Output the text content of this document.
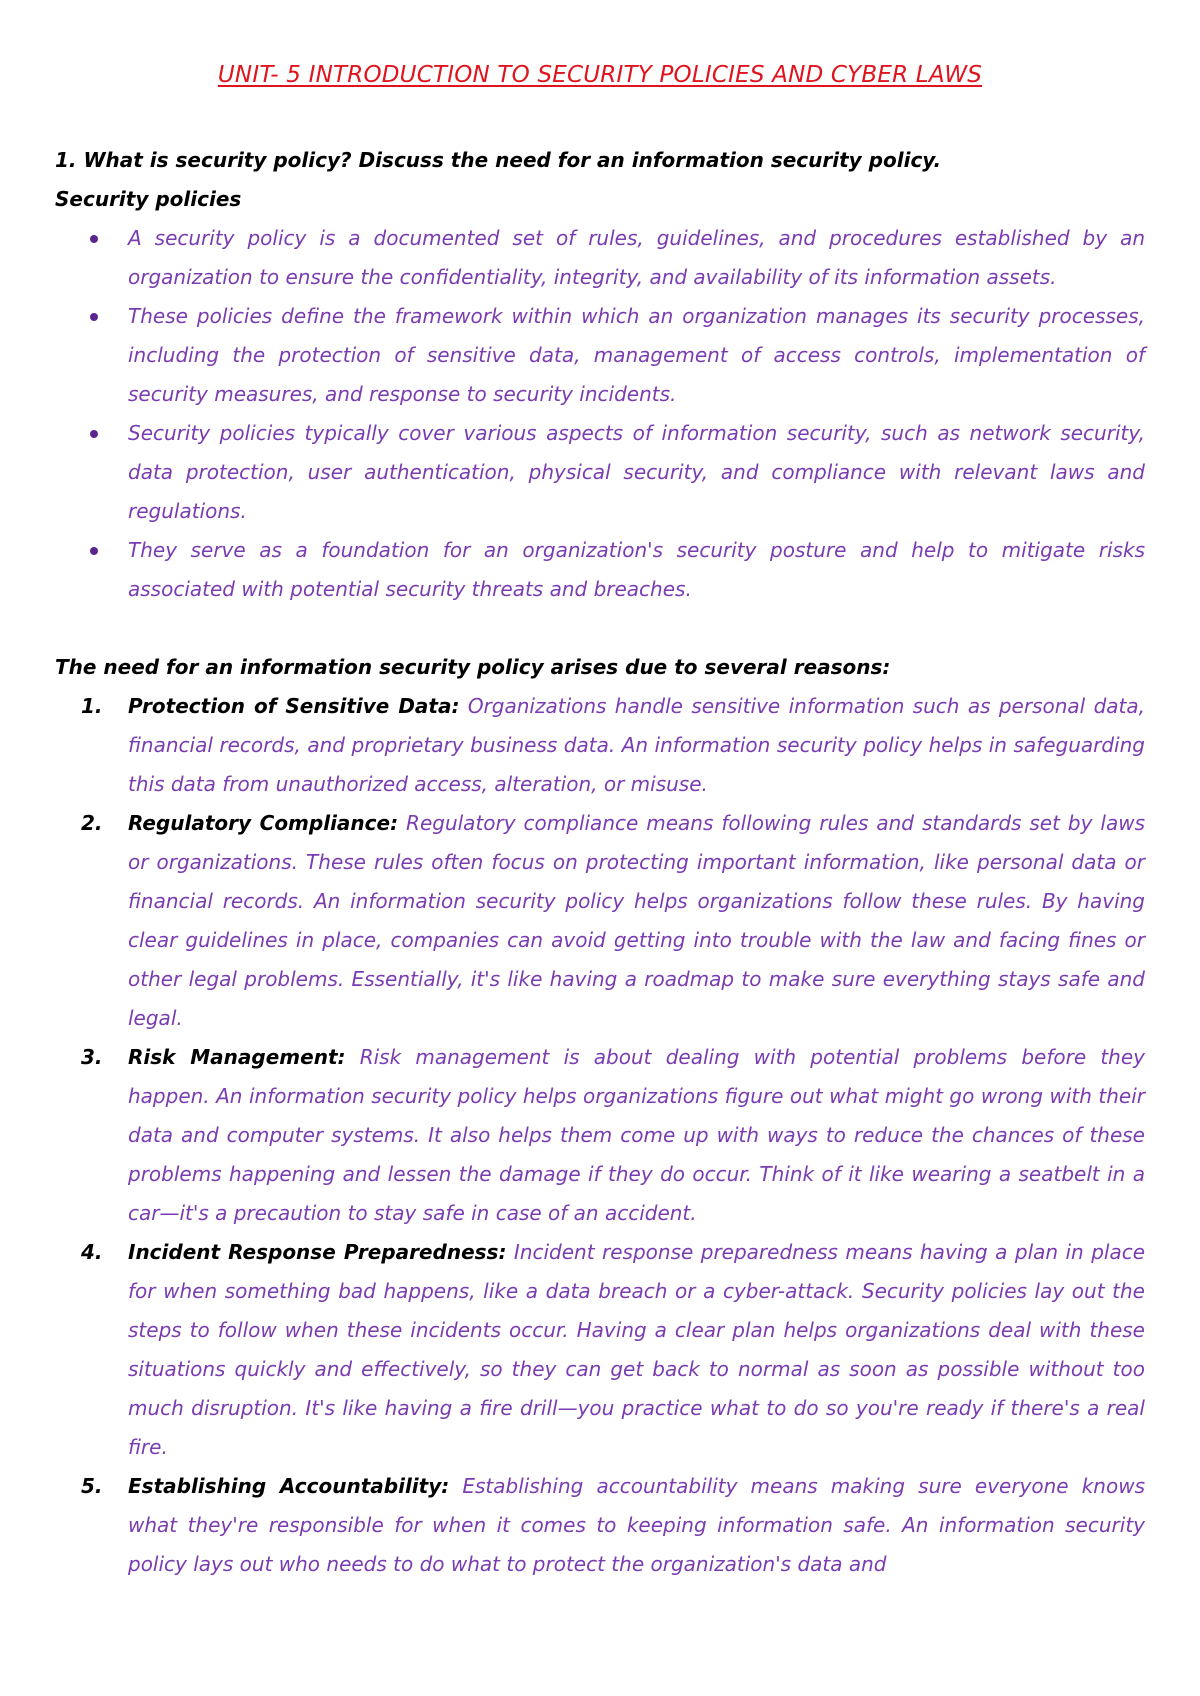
UNIT- 5 INTRODUCTION TO SECURITY POLICIES AND CYBER LAWS

1. What is security policy? Discuss the need for an information security policy.

Security policies

A security policy is a documented set of rules, guidelines, and procedures established by an organization to ensure the confidentiality, integrity, and availability of its information assets.
These policies define the framework within which an organization manages its security processes, including the protection of sensitive data, management of access controls, implementation of security measures, and response to security incidents.
Security policies typically cover various aspects of information security, such as network security, data protection, user authentication, physical security, and compliance with relevant laws and regulations.
They serve as a foundation for an organization's security posture and help to mitigate risks associated with potential security threats and breaches.

The need for an information security policy arises due to several reasons:

1. Protection of Sensitive Data: Organizations handle sensitive information such as personal data, financial records, and proprietary business data. An information security policy helps in safeguarding this data from unauthorized access, alteration, or misuse.
2. Regulatory Compliance: Regulatory compliance means following rules and standards set by laws or organizations. These rules often focus on protecting important information, like personal data or financial records. An information security policy helps organizations follow these rules. By having clear guidelines in place, companies can avoid getting into trouble with the law and facing fines or other legal problems. Essentially, it's like having a roadmap to make sure everything stays safe and legal.
3. Risk Management: Risk management is about dealing with potential problems before they happen. An information security policy helps organizations figure out what might go wrong with their data and computer systems. It also helps them come up with ways to reduce the chances of these problems happening and lessen the damage if they do occur. Think of it like wearing a seatbelt in a car—it's a precaution to stay safe in case of an accident.
4. Incident Response Preparedness: Incident response preparedness means having a plan in place for when something bad happens, like a data breach or a cyber-attack. Security policies lay out the steps to follow when these incidents occur. Having a clear plan helps organizations deal with these situations quickly and effectively, so they can get back to normal as soon as possible without too much disruption. It's like having a fire drill—you practice what to do so you're ready if there's a real fire.
5. Establishing Accountability: Establishing accountability means making sure everyone knows what they're responsible for when it comes to keeping information safe. An information security policy lays out who needs to do what to protect the organization's data and
